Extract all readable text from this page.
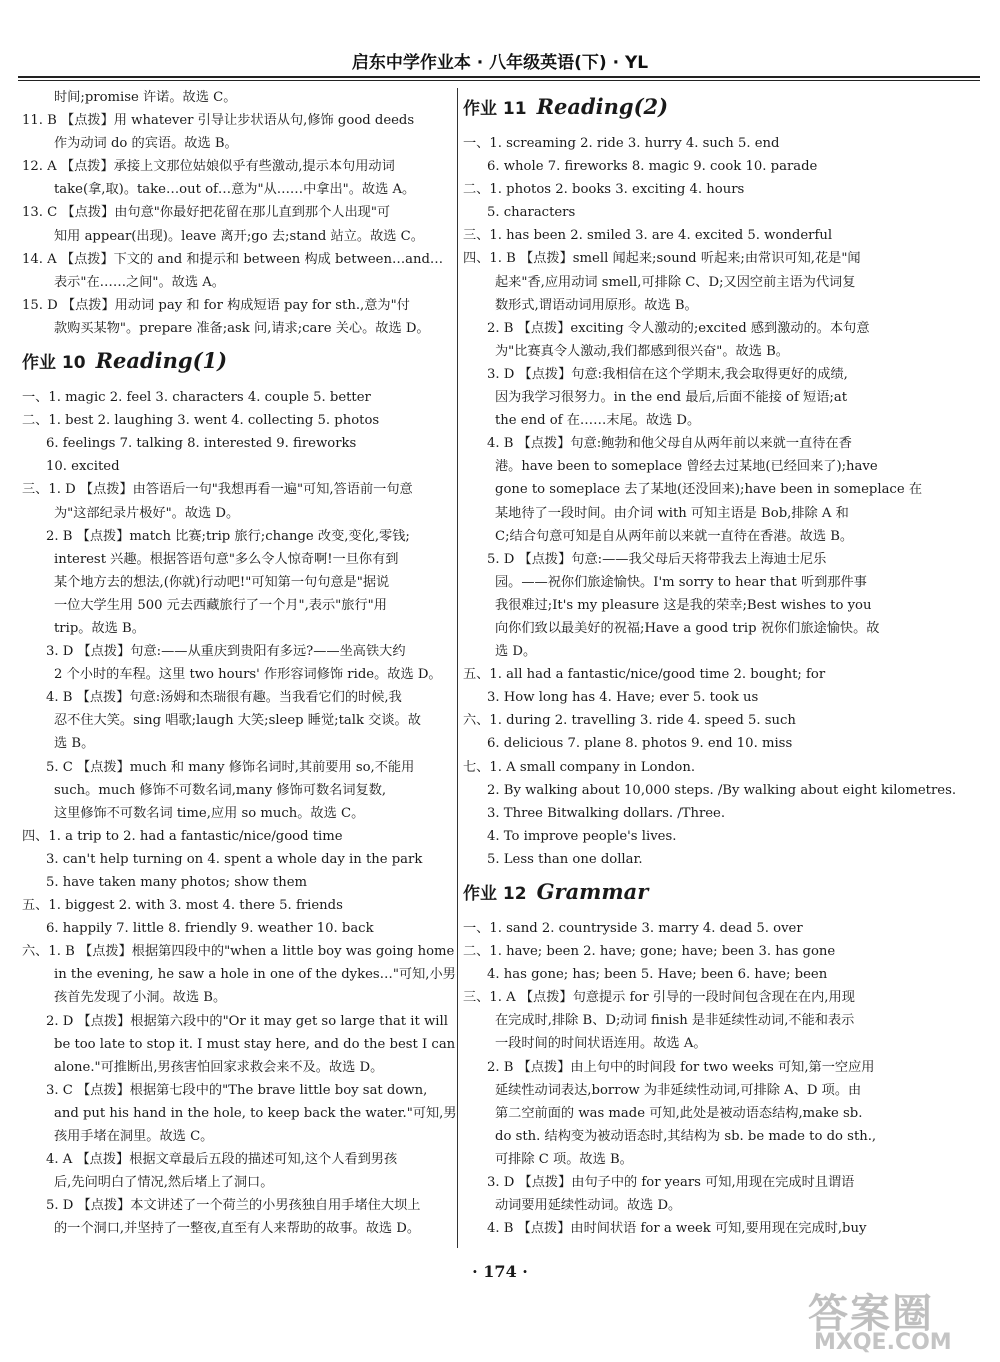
启东中学作业本 · 八年级英语(下) · YL
时间;promise 许诺。故选 C。
11. B 【点拨】用 whatever 引导让步状语从句,修饰 good deeds
作为动词 do 的宾语。故选 B。
12. A 【点拨】承接上文那位姑娘似乎有些激动,提示本句用动词
take(拿,取)。take…out of…意为"从……中拿出"。故选 A。
13. C 【点拨】由句意"你最好把花留在那儿直到那个人出现"可
知用 appear(出现)。leave 离开;go 去;stand 站立。故选 C。
14. A 【点拨】下文的 and 和提示和 between 构成 between…and…
表示"在……之间"。故选 A。
15. D 【点拨】用动词 pay 和 for 构成短语 pay for sth.,意为"付
款购买某物"。prepare 准备;ask 问,请求;care 关心。故选 D。
作业 10 Reading(1)
一、1. magic 2. feel 3. characters 4. couple 5. better
二、1. best 2. laughing 3. went 4. collecting 5. photos
6. feelings 7. talking 8. interested 9. fireworks
10. excited
三、1. D 【点拨】由答语后一句"我想再看一遍"可知,答语前一句意
为"这部纪录片极好"。故选 D。
2. B 【点拨】match 比赛;trip 旅行;change 改变,变化,零钱;
interest 兴趣。根据答语句意"多么令人惊奇啊!一旦你有到
某个地方去的想法,(你就)行动吧!"可知第一句句意是"据说
一位大学生用 500 元去西藏旅行了一个月",表示"旅行"用
trip。故选 B。
3. D 【点拨】句意:——从重庆到贵阳有多远?——坐高铁大约
2 个小时的车程。这里 two hours' 作形容词修饰 ride。故选 D。
4. B 【点拨】句意:汤姆和杰瑞很有趣。当我看它们的时候,我
忍不住大笑。sing 唱歌;laugh 大笑;sleep 睡觉;talk 交谈。故
选 B。
5. C 【点拨】much 和 many 修饰名词时,其前要用 so,不能用
such。much 修饰不可数名词,many 修饰可数名词复数,
这里修饰不可数名词 time,应用 so much。故选 C。
四、1. a trip to 2. had a fantastic/nice/good time
3. can't help turning on 4. spent a whole day in the park
5. have taken many photos; show them
五、1. biggest 2. with 3. most 4. there 5. friends
6. happily 7. little 8. friendly 9. weather 10. back
六、1. B 【点拨】根据第四段中的"when a little boy was going home
in the evening, he saw a hole in one of the dykes…"可知,小男
孩首先发现了小洞。故选 B。
2. D 【点拨】根据第六段中的"Or it may get so large that it will
be too late to stop it. I must stay here, and do the best I can
alone."可推断出,男孩害怕回家求救会来不及。故选 D。
3. C 【点拨】根据第七段中的"The brave little boy sat down,
and put his hand in the hole, to keep back the water."可知,男
孩用手堵在洞里。故选 C。
4. A 【点拨】根据文章最后五段的描述可知,这个人看到男孩
后,先问明白了情况,然后堵上了洞口。
5. D 【点拨】本文讲述了一个荷兰的小男孩独自用手堵住大坝上
的一个洞口,并坚持了一整夜,直至有人来帮助的故事。故选 D。
作业 11 Reading(2)
一、1. screaming 2. ride 3. hurry 4. such 5. end
6. whole 7. fireworks 8. magic 9. cook 10. parade
二、1. photos 2. books 3. exciting 4. hours
5. characters
三、1. has been 2. smiled 3. are 4. excited 5. wonderful
四、1. B 【点拨】smell 闻起来;sound 听起来;由常识可知,花是"闻
起来"香,应用动词 smell,可排除 C、D;又因空前主语为代词复
数形式,谓语动词用原形。故选 B。
2. B 【点拨】exciting 令人激动的;excited 感到激动的。本句意
为"比赛真令人激动,我们都感到很兴奋"。故选 B。
3. D 【点拨】句意:我相信在这个学期末,我会取得更好的成绩,
因为我学习很努力。in the end 最后,后面不能接 of 短语;at
the end of 在……末尾。故选 D。
4. B 【点拨】句意:鲍勃和他父母自从两年前以来就一直待在香
港。have been to someplace 曾经去过某地(已经回来了);have
gone to someplace 去了某地(还没回来);have been in someplace 在
某地待了一段时间。由介词 with 可知主语是 Bob,排除 A 和
C;结合句意可知是自从两年前以来就一直待在香港。故选 B。
5. D 【点拨】句意:——我父母后天将带我去上海迪士尼乐
园。——祝你们旅途愉快。I'm sorry to hear that 听到那件事
我很难过;It's my pleasure 这是我的荣幸;Best wishes to you
向你们致以最美好的祝福;Have a good trip 祝你们旅途愉快。故
选 D。
五、1. all had a fantastic/nice/good time 2. bought; for
3. How long has 4. Have; ever 5. took us
六、1. during 2. travelling 3. ride 4. speed 5. such
6. delicious 7. plane 8. photos 9. end 10. miss
七、1. A small company in London.
2. By walking about 10,000 steps. /By walking about eight kilometres.
3. Three Bitwalking dollars. /Three.
4. To improve people's lives.
5. Less than one dollar.
作业 12 Grammar
一、1. sand 2. countryside 3. marry 4. dead 5. over
二、1. have; been 2. have; gone; have; been 3. has gone
4. has gone; has; been 5. Have; been 6. have; been
三、1. A 【点拨】句意提示 for 引导的一段时间包含现在在内,用现
在完成时,排除 B、D;动词 finish 是非延续性动词,不能和表示
一段时间的时间状语连用。故选 A。
2. B 【点拨】由上句中的时间段 for two weeks 可知,第一空应用
延续性动词表达,borrow 为非延续性动词,可排除 A、D 项。由
第二空前面的 was made 可知,此处是被动语态结构,make sb.
do sth. 结构变为被动语态时,其结构为 sb. be made to do sth.,
可排除 C 项。故选 B。
3. D 【点拨】由句子中的 for years 可知,用现在完成时且谓语
动词要用延续性动词。故选 D。
4. B 【点拨】由时间状语 for a week 可知,要用现在完成时,buy
· 174 ·
答案圈
MXQE.COM
